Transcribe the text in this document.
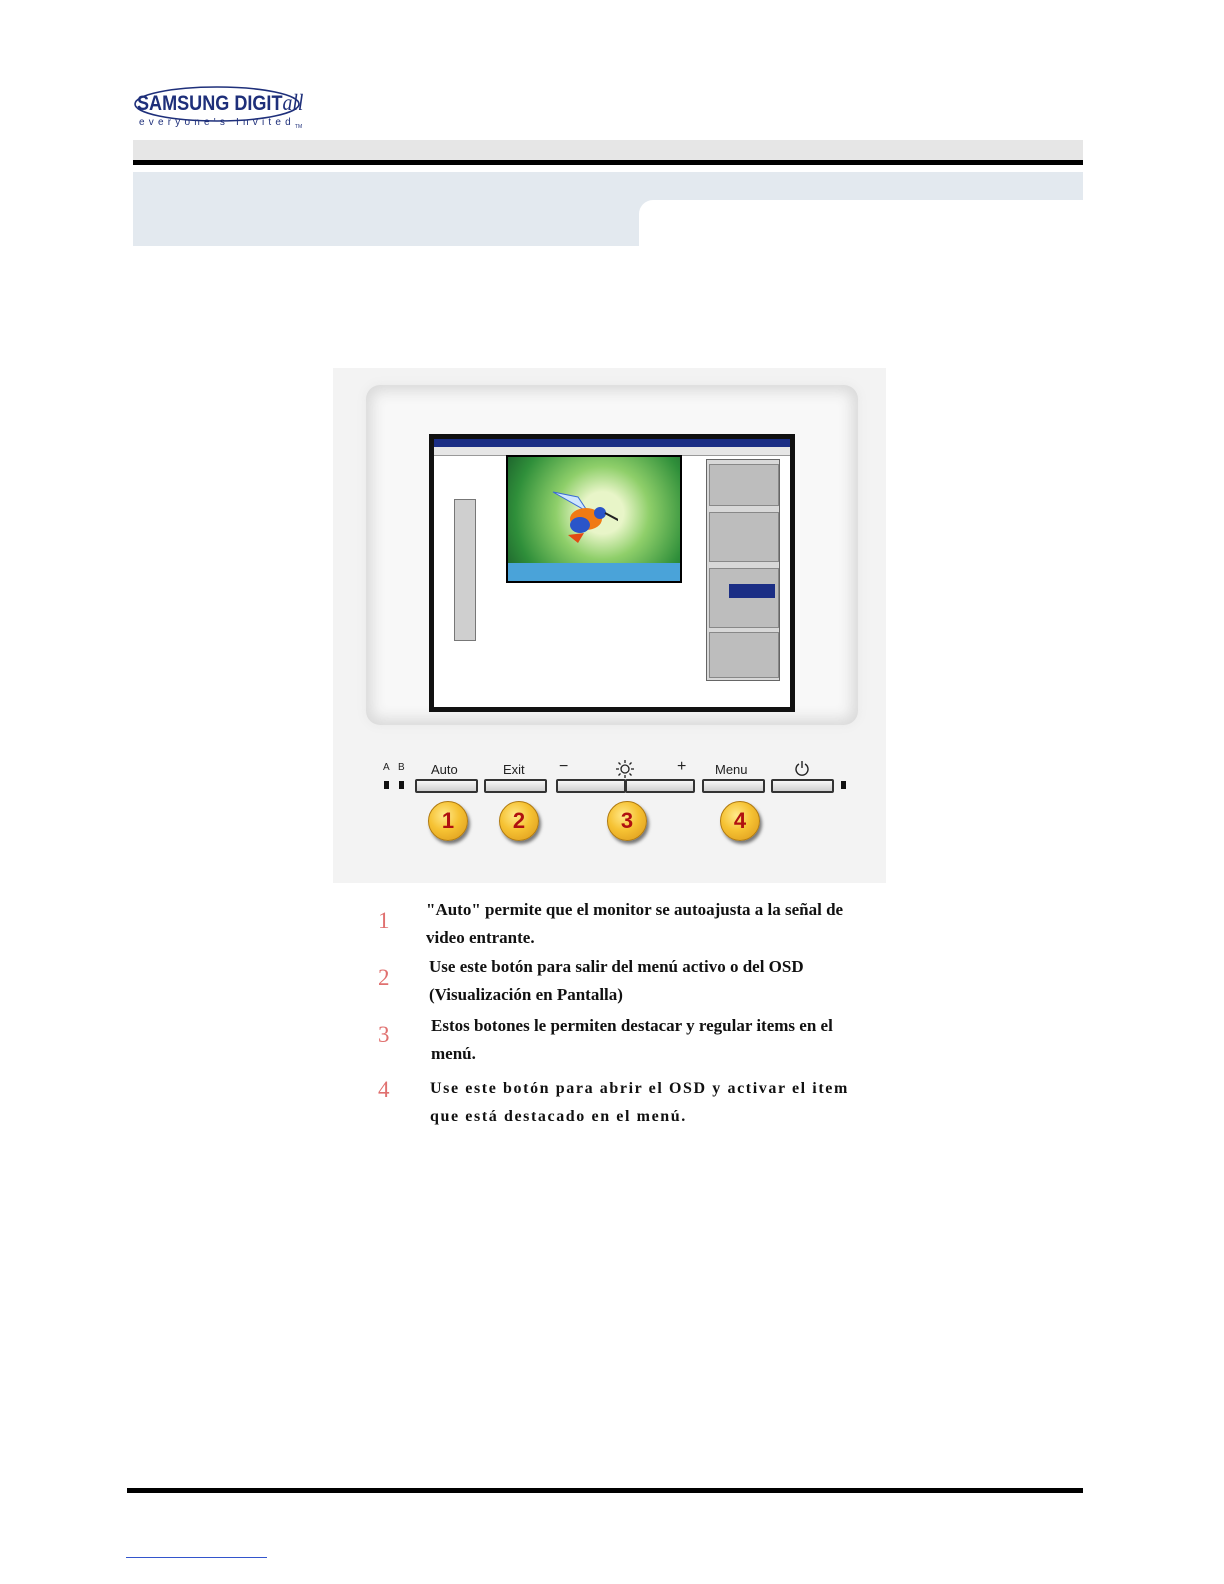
SAMSUNG DIGITall
everyone's Invited$_{TM}$
A B Auto	Exit −	+ Menu
1	2	3	4
1 "Auto" permite que el monitor se autoajusta a la señal de video entrante.
2 Use este botón para salir del menú activo o del OSD (Visualización en Pantalla)
3 Estos botones le permiten destacar y regular items en el menú.
4	Use este botón para abrir el OSD y activar el item que está destacado en el menú.
